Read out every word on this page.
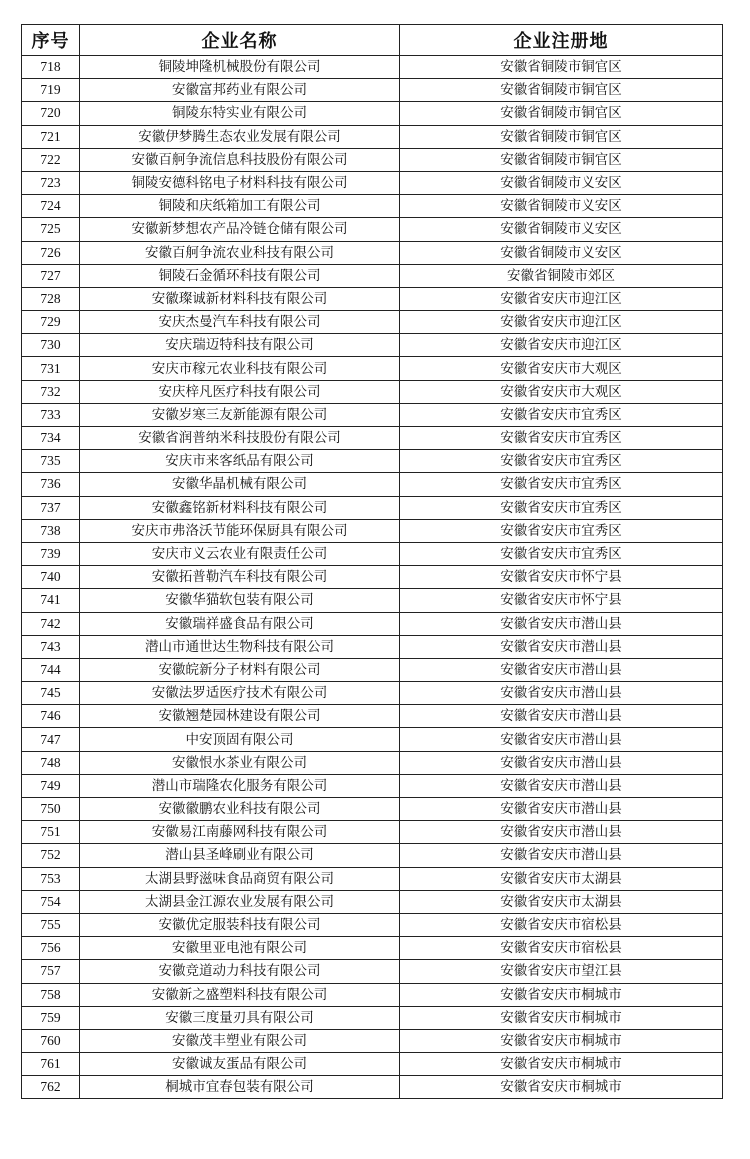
序号	企业名称	企业注册地
718	铜陵坤隆机械股份有限公司	安徽省铜陵市铜官区
719	安徽富邦药业有限公司	安徽省铜陵市铜官区
720	铜陵东特实业有限公司	安徽省铜陵市铜官区
721	安徽伊梦腾生态农业发展有限公司	安徽省铜陵市铜官区
722	安徽百舸争流信息科技股份有限公司	安徽省铜陵市铜官区
723	铜陵安德科铭电子材料科技有限公司	安徽省铜陵市义安区
724	铜陵和庆纸箱加工有限公司	安徽省铜陵市义安区
725	安徽新梦想农产品冷链仓储有限公司	安徽省铜陵市义安区
726	安徽百舸争流农业科技有限公司	安徽省铜陵市义安区
727	铜陵石金循环科技有限公司	安徽省铜陵市郊区
728	安徽璨诚新材料科技有限公司	安徽省安庆市迎江区
729	安庆杰曼汽车科技有限公司	安徽省安庆市迎江区
730	安庆瑞迈特科技有限公司	安徽省安庆市迎江区
731	安庆市稼元农业科技有限公司	安徽省安庆市大观区
732	安庆梓凡医疗科技有限公司	安徽省安庆市大观区
733	安徽岁寒三友新能源有限公司	安徽省安庆市宜秀区
734	安徽省润普纳米科技股份有限公司	安徽省安庆市宜秀区
735	安庆市来客纸品有限公司	安徽省安庆市宜秀区
736	安徽华晶机械有限公司	安徽省安庆市宜秀区
737	安徽鑫铭新材料科技有限公司	安徽省安庆市宜秀区
738	安庆市弗洛沃节能环保厨具有限公司	安徽省安庆市宜秀区
739	安庆市义云农业有限责任公司	安徽省安庆市宜秀区
740	安徽拓普勒汽车科技有限公司	安徽省安庆市怀宁县
741	安徽华猫软包装有限公司	安徽省安庆市怀宁县
742	安徽瑞祥盛食品有限公司	安徽省安庆市潜山县
743	潜山市通世达生物科技有限公司	安徽省安庆市潜山县
744	安徽皖新分子材料有限公司	安徽省安庆市潜山县
745	安徽法罗适医疗技术有限公司	安徽省安庆市潜山县
746	安徽翘楚园林建设有限公司	安徽省安庆市潜山县
747	中安顶固有限公司	安徽省安庆市潜山县
748	安徽恨水茶业有限公司	安徽省安庆市潜山县
749	潜山市瑞隆农化服务有限公司	安徽省安庆市潜山县
750	安徽徽鹏农业科技有限公司	安徽省安庆市潜山县
751	安徽易江南藤网科技有限公司	安徽省安庆市潜山县
752	潜山县圣峰刷业有限公司	安徽省安庆市潜山县
753	太湖县野滋味食品商贸有限公司	安徽省安庆市太湖县
754	太湖县金江源农业发展有限公司	安徽省安庆市太湖县
755	安徽优定服装科技有限公司	安徽省安庆市宿松县
756	安徽里亚电池有限公司	安徽省安庆市宿松县
757	安徽竞道动力科技有限公司	安徽省安庆市望江县
758	安徽新之盛塑料科技有限公司	安徽省安庆市桐城市
759	安徽三度量刃具有限公司	安徽省安庆市桐城市
760	安徽茂丰塑业有限公司	安徽省安庆市桐城市
761	安徽诚友蛋品有限公司	安徽省安庆市桐城市
762	桐城市宜春包装有限公司	安徽省安庆市桐城市
